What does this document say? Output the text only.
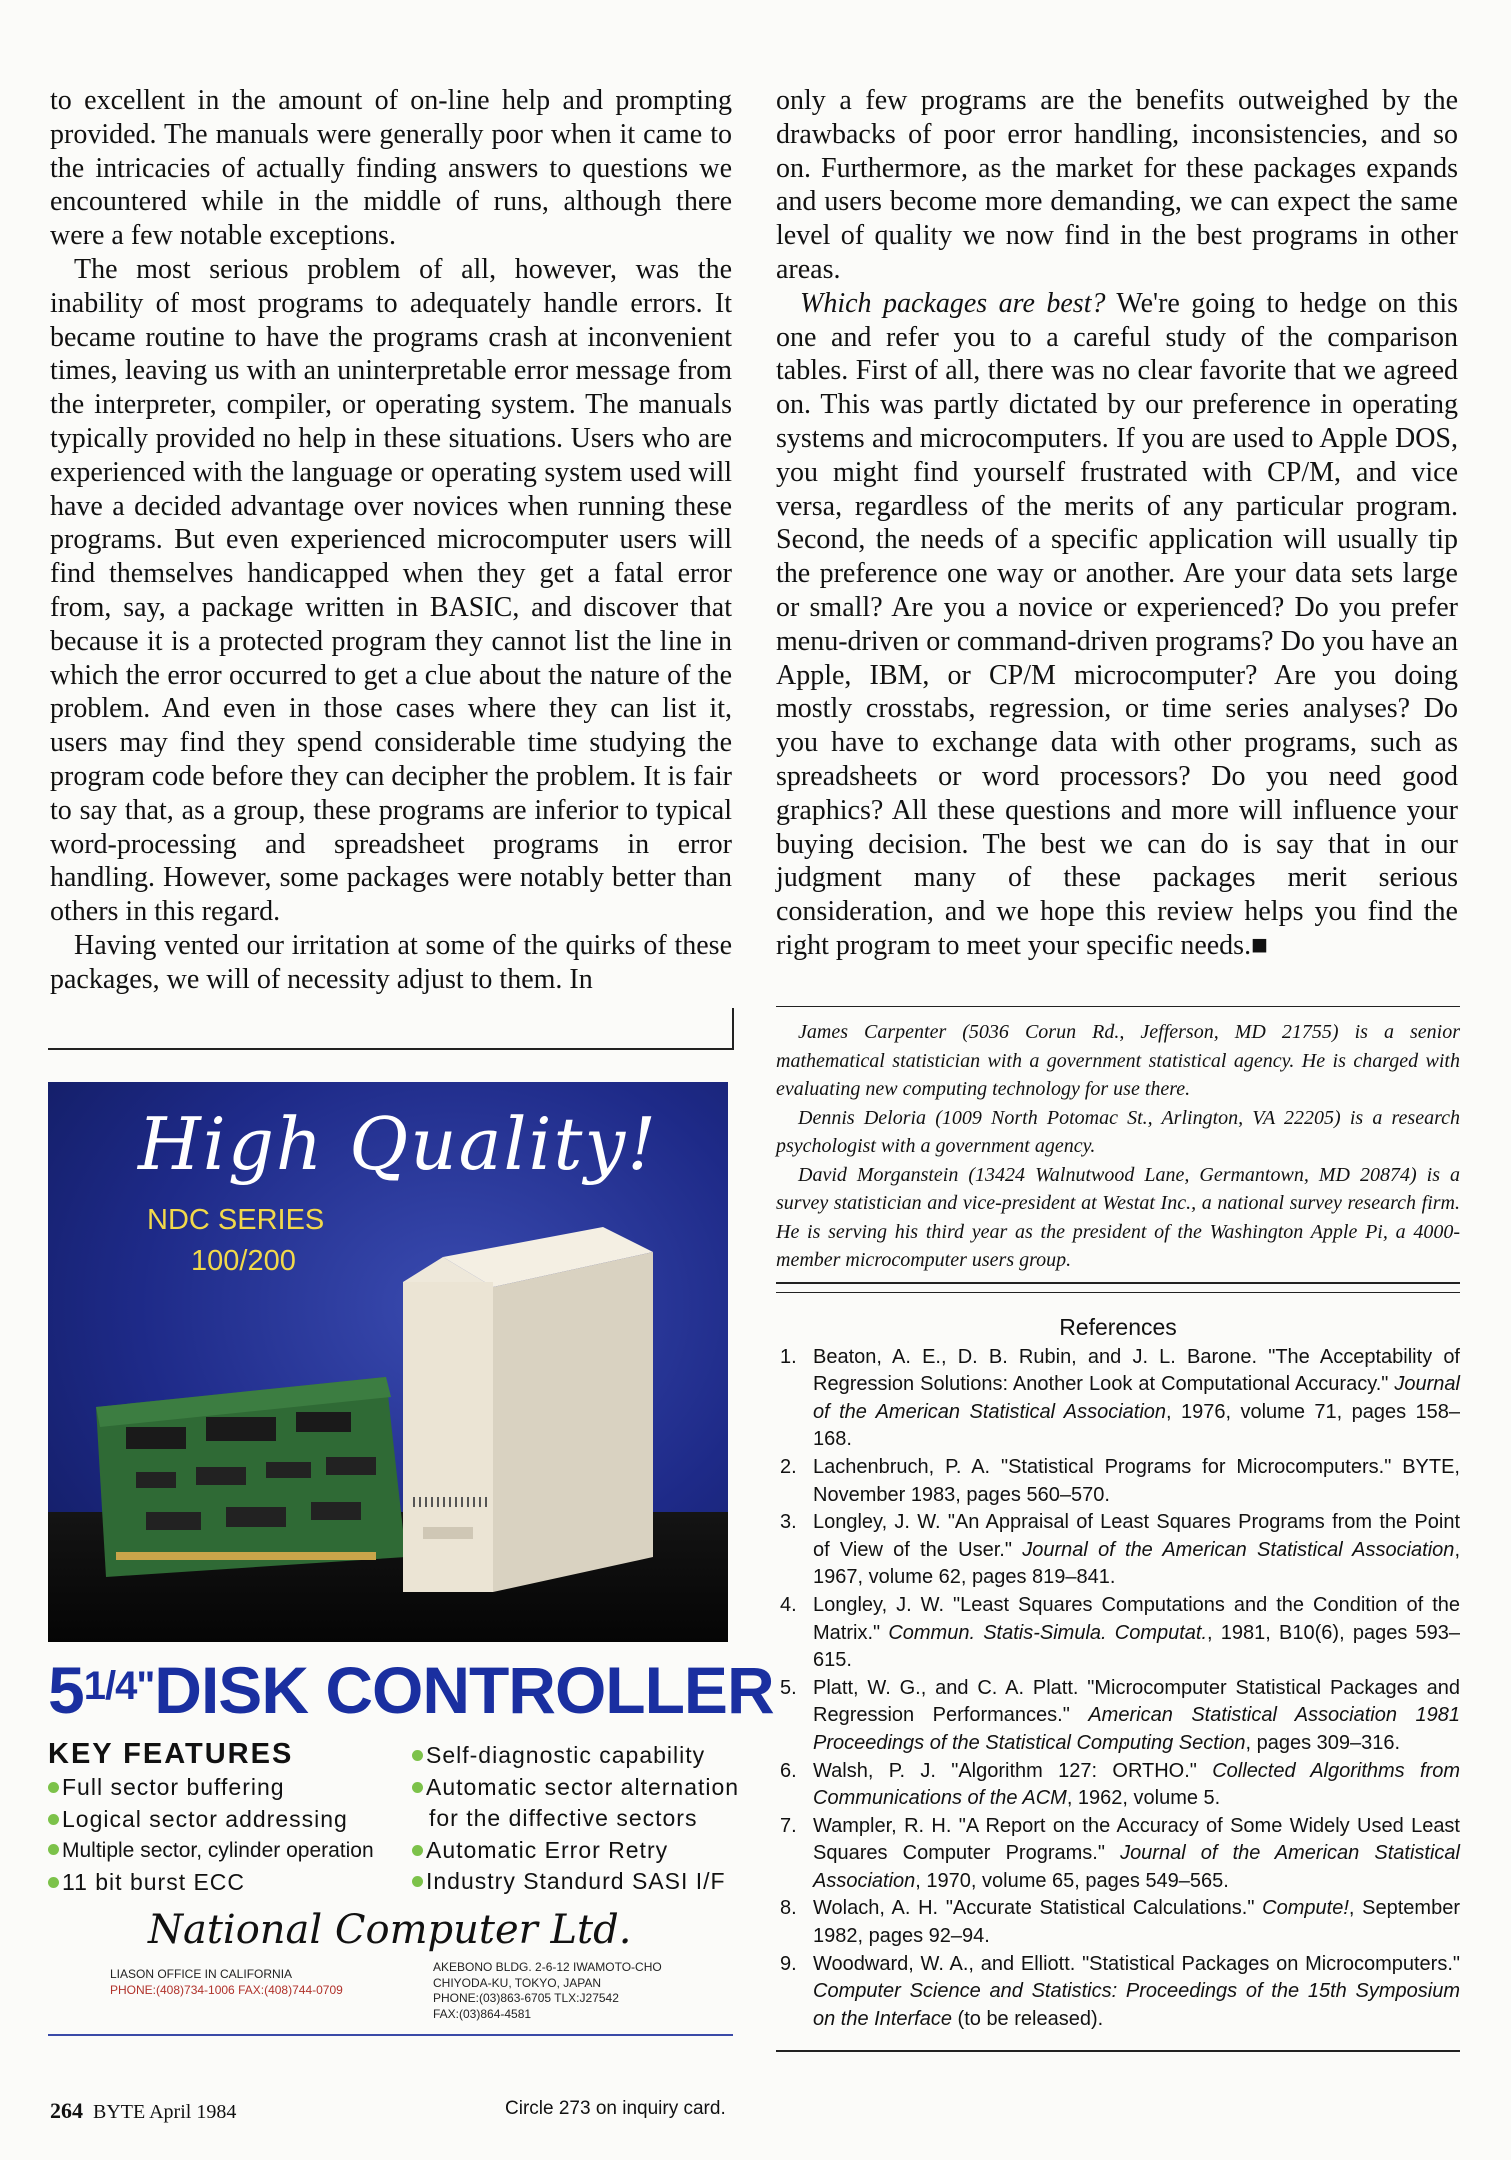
to excellent in the amount of on-line help and prompting provided. The manuals were generally poor when it came to the intricacies of actually finding answers to questions we encountered while in the middle of runs, although there were a few notable exceptions.

The most serious problem of all, however, was the inability of most programs to adequately handle errors. It became routine to have the programs crash at inconvenient times, leaving us with an uninterpretable error message from the interpreter, compiler, or operating system. The manuals typically provided no help in these situations. Users who are experienced with the language or operating system used will have a decided advantage over novices when running these programs. But even experienced microcomputer users will find themselves handicapped when they get a fatal error from, say, a package written in BASIC, and discover that because it is a protected program they cannot list the line in which the error occurred to get a clue about the nature of the problem. And even in those cases where they can list it, users may find they spend considerable time studying the program code before they can decipher the problem. It is fair to say that, as a group, these programs are inferior to typical word-processing and spreadsheet programs in error handling. However, some packages were notably better than others in this regard.

Having vented our irritation at some of the quirks of these packages, we will of necessity adjust to them. In

only a few programs are the benefits outweighed by the drawbacks of poor error handling, inconsistencies, and so on. Furthermore, as the market for these packages expands and users become more demanding, we can expect the same level of quality we now find in the best programs in other areas.

Which packages are best? We're going to hedge on this one and refer you to a careful study of the comparison tables. First of all, there was no clear favorite that we agreed on. This was partly dictated by our preference in operating systems and microcomputers. If you are used to Apple DOS, you might find yourself frustrated with CP/M, and vice versa, regardless of the merits of any particular program. Second, the needs of a specific application will usually tip the preference one way or another. Are your data sets large or small? Are you a novice or experienced? Do you prefer menu-driven or command-driven programs? Do you have an Apple, IBM, or CP/M microcomputer? Are you doing mostly crosstabs, regression, or time series analyses? Do you have to exchange data with other programs, such as spreadsheets or word processors? Do you need good graphics? All these questions and more will influence your buying decision. The best we can do is say that in our judgment many of these packages merit serious consideration, and we hope this review helps you find the right program to meet your specific needs.■

James Carpenter (5036 Corun Rd., Jefferson, MD 21755) is a senior mathematical statistician with a government statistical agency. He is charged with evaluating new computing technology for use there.

Dennis Deloria (1009 North Potomac St., Arlington, VA 22205) is a research psychologist with a government agency.

David Morganstein (13424 Walnutwood Lane, Germantown, MD 20874) is a survey statistician and vice-president at Westat Inc., a national survey research firm. He is serving his third year as the president of the Washington Apple Pi, a 4000-member microcomputer users group.

References
1. Beaton, A. E., D. B. Rubin, and J. L. Barone. "The Acceptability of Regression Solutions: Another Look at Computational Accuracy." Journal of the American Statistical Association, 1976, volume 71, pages 158–168.
2. Lachenbruch, P. A. "Statistical Programs for Microcomputers." BYTE, November 1983, pages 560–570.
3. Longley, J. W. "An Appraisal of Least Squares Programs from the Point of View of the User." Journal of the American Statistical Association, 1967, volume 62, pages 819–841.
4. Longley, J. W. "Least Squares Computations and the Condition of the Matrix." Commun. Statis-Simula. Computat., 1981, B10(6), pages 593–615.
5. Platt, W. G., and C. A. Platt. "Microcomputer Statistical Packages and Regression Performances." American Statistical Association 1981 Proceedings of the Statistical Computing Section, pages 309–316.
6. Walsh, P. J. "Algorithm 127: ORTHO." Collected Algorithms from Communications of the ACM, 1962, volume 5.
7. Wampler, R. H. "A Report on the Accuracy of Some Widely Used Least Squares Computer Programs." Journal of the American Statistical Association, 1970, volume 65, pages 549–565.
8. Wolach, A. H. "Accurate Statistical Calculations." Compute!, September 1982, pages 92–94.
9. Woodward, W. A., and Elliott. "Statistical Packages on Microcomputers." Computer Science and Statistics: Proceedings of the 15th Symposium on the Interface (to be released).
High Quality!
NDC SERIES
100/200
$5^{1/4"}DISK$ CONTROLLER
KEY FEATURES
Full sector buffering
Logical sector addressing
Multiple sector, cylinder operation
11 bit burst ECC
Self-diagnostic capability
Automatic sector alternation
for the diffective sectors
Automatic Error Retry
Industry Standurd SASI I/F
National Computer Ltd.
LIASON OFFICE IN CALIFORNIA
PHONE:(408)734-1006 FAX:(408)744-0709
AKEBONO BLDG. 2-6-12 IWAMOTO-CHO
CHIYODA-KU, TOKYO, JAPAN
PHONE:(03)863-6705 TLX:J27542
FAX:(03)864-4581
264 BYTE April 1984	Circle 273 on inquiry card.
